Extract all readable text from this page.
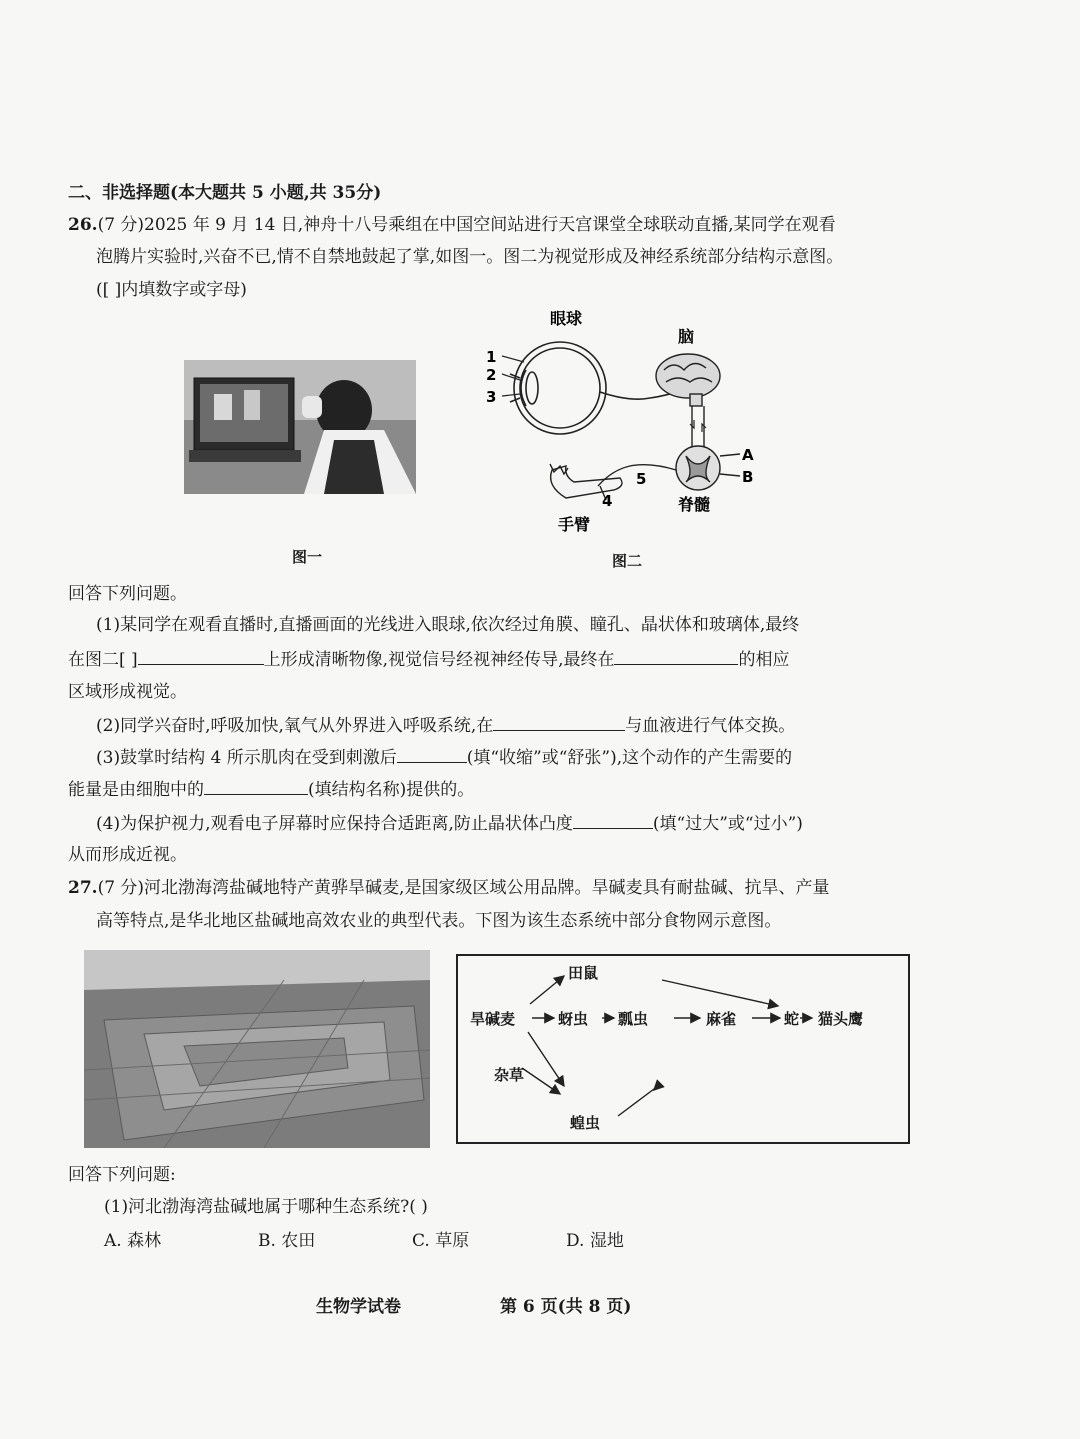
二、非选择题(本大题共 5 小题,共 35分)
26.(7 分)2025 年 9 月 14 日,神舟十八号乘组在中国空间站进行天宫课堂全球联动直播,某同学在观看
泡腾片实验时,兴奋不已,情不自禁地鼓起了掌,如图一。图二为视觉形成及神经系统部分结构示意图。
([ ]内填数字或字母)
图一
眼球
脑
1
2
3
A
B
5
4
手臂
脊髓
图二
回答下列问题。
(1)某同学在观看直播时,直播画面的光线进入眼球,依次经过角膜、瞳孔、晶状体和玻璃体,最终
在图二[ ]	上形成清晰物像,视觉信号经视神经传导,最终在	的相应
区域形成视觉。
(2)同学兴奋时,呼吸加快,氧气从外界进入呼吸系统,在	与血液进行气体交换。
(3)鼓掌时结构 4 所示肌肉在受到刺激后	(填“收缩”或“舒张”),这个动作的产生需要的
能量是由细胞中的	(填结构名称)提供的。
(4)为保护视力,观看电子屏幕时应保持合适距离,防止晶状体凸度	(填“过大”或“过小”)
从而形成近视。
27.(7 分)河北渤海湾盐碱地特产黄骅旱碱麦,是国家级区域公用品牌。旱碱麦具有耐盐碱、抗旱、产量
高等特点,是华北地区盐碱地高效农业的典型代表。下图为该生态系统中部分食物网示意图。
田鼠
旱碱麦	蚜虫 瓢虫	麻雀	蛇 猫头鹰
杂草
蝗虫
回答下列问题:
(1)河北渤海湾盐碱地属于哪种生态系统?( )
A. 森林	B. 农田	C. 草原	D. 湿地
生物学试卷	第 6 页(共 8 页)
